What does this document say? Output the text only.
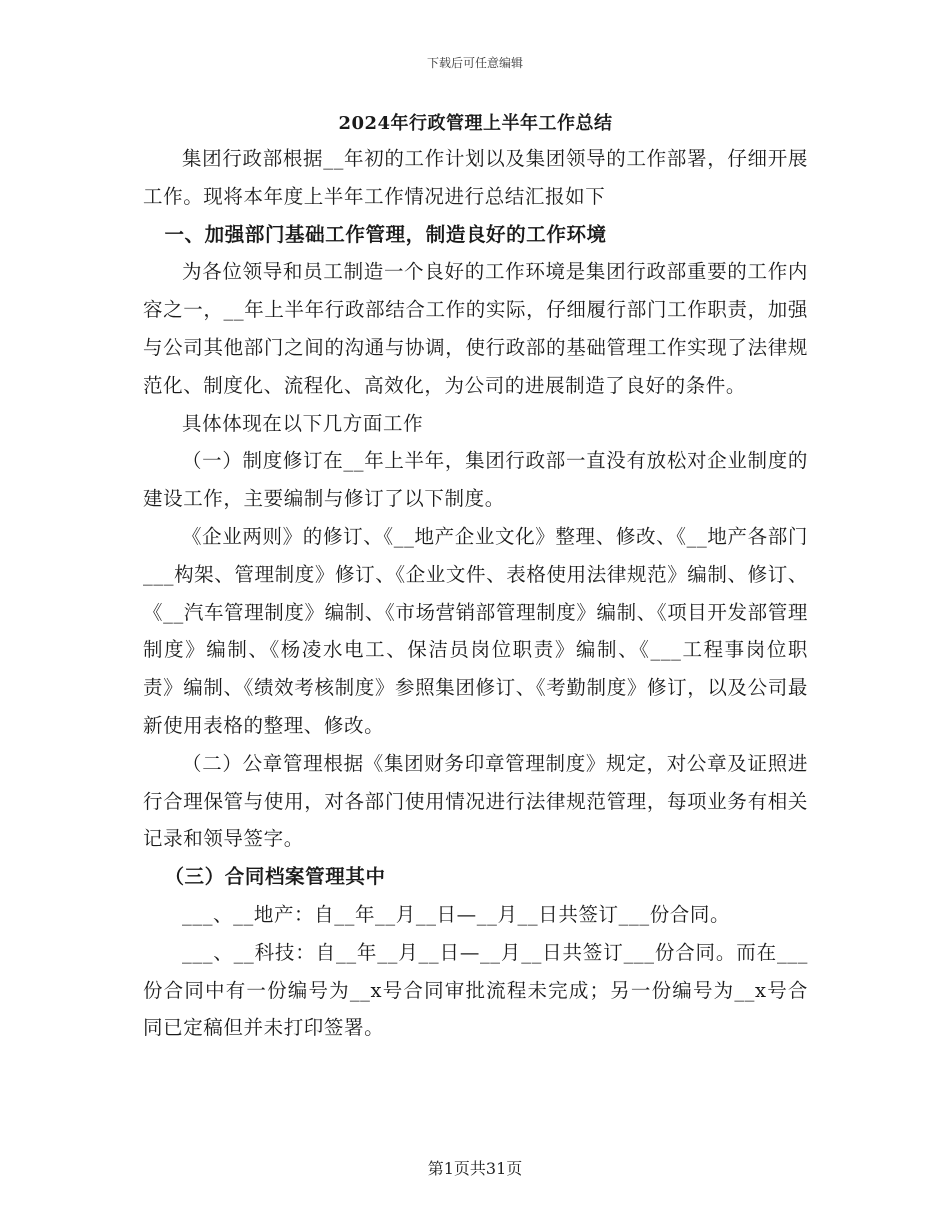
下载后可任意编辑
2024年行政管理上半年工作总结

集团行政部根据__年初的工作计划以及集团领导的工作部署，仔细开展工作。现将本年度上半年工作情况进行总结汇报如下

一、加强部门基础工作管理，制造良好的工作环境

为各位领导和员工制造一个良好的工作环境是集团行政部重要的工作内容之一，__年上半年行政部结合工作的实际，仔细履行部门工作职责，加强与公司其他部门之间的沟通与协调，使行政部的基础管理工作实现了法律规范化、制度化、流程化、高效化，为公司的进展制造了良好的条件。

具体体现在以下几方面工作

（一）制度修订在__年上半年，集团行政部一直没有放松对企业制度的建设工作，主要编制与修订了以下制度。

《企业两则》的修订、《__地产企业文化》整理、修改、《__地产各部门___构架、管理制度》修订、《企业文件、表格使用法律规范》编制、修订、《__汽车管理制度》编制、《市场营销部管理制度》编制、《项目开发部管理制度》编制、《杨凌水电工、保洁员岗位职责》编制、《___工程事岗位职责》编制、《绩效考核制度》参照集团修订、《考勤制度》修订，以及公司最新使用表格的整理、修改。

（二）公章管理根据《集团财务印章管理制度》规定，对公章及证照进行合理保管与使用，对各部门使用情况进行法律规范管理，每项业务有相关记录和领导签字。

（三）合同档案管理其中

___、__地产：自__年__月__日—__月__日共签订___份合同。

___、__科技：自__年__月__日—__月__日共签订___份合同。而在___份合同中有一份编号为__x号合同审批流程未完成；另一份编号为__x号合同已定稿但并未打印签署。

第1页共31页
